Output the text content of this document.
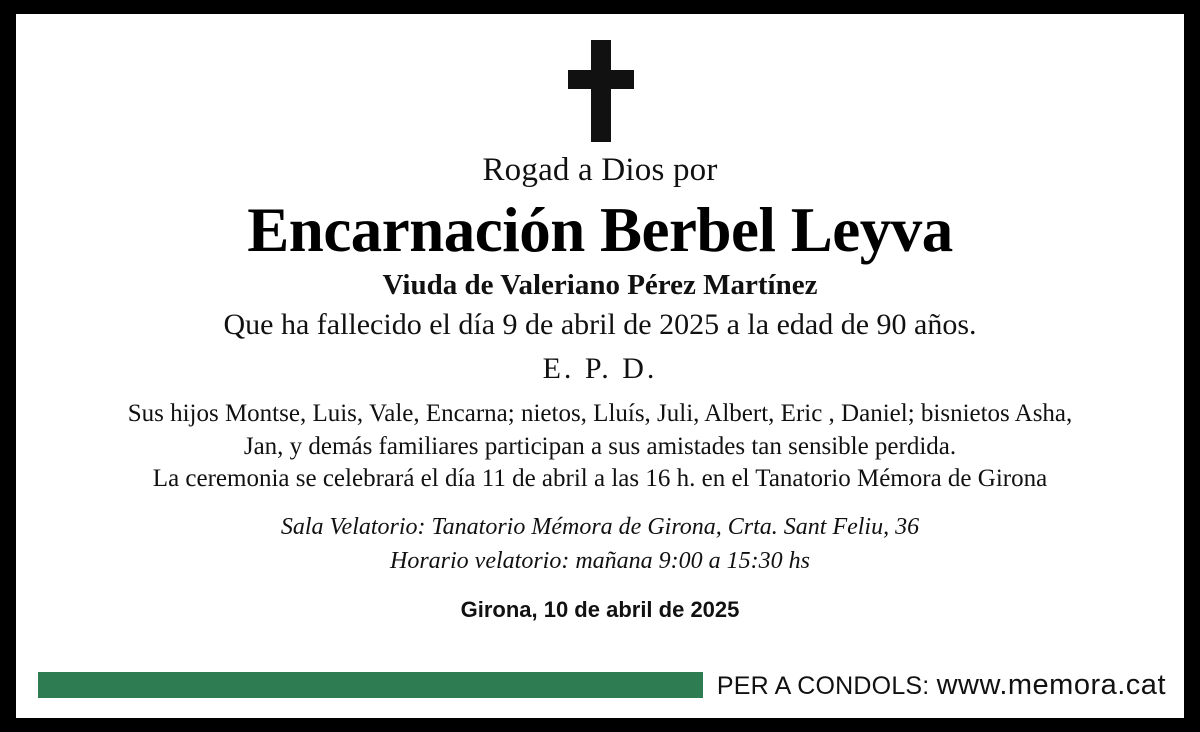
Rogad a Dios por
Encarnación Berbel Leyva
Viuda de Valeriano Pérez Martínez
Que ha fallecido el día 9 de abril de 2025 a la edad de 90 años.
E. P. D.
Sus hijos Montse, Luis, Vale, Encarna; nietos, Lluís, Juli, Albert, Eric , Daniel; bisnietos Asha,
Jan, y demás familiares participan a sus amistades tan sensible perdida.
La ceremonia se celebrará el día 11 de abril a las 16 h. en el Tanatorio Mémora de Girona
Sala Velatorio: Tanatorio Mémora de Girona, Crta. Sant Feliu, 36
Horario velatorio: mañana 9:00 a 15:30 hs
Girona, 10 de abril de 2025
PER A CONDOLS: www.memora.cat
